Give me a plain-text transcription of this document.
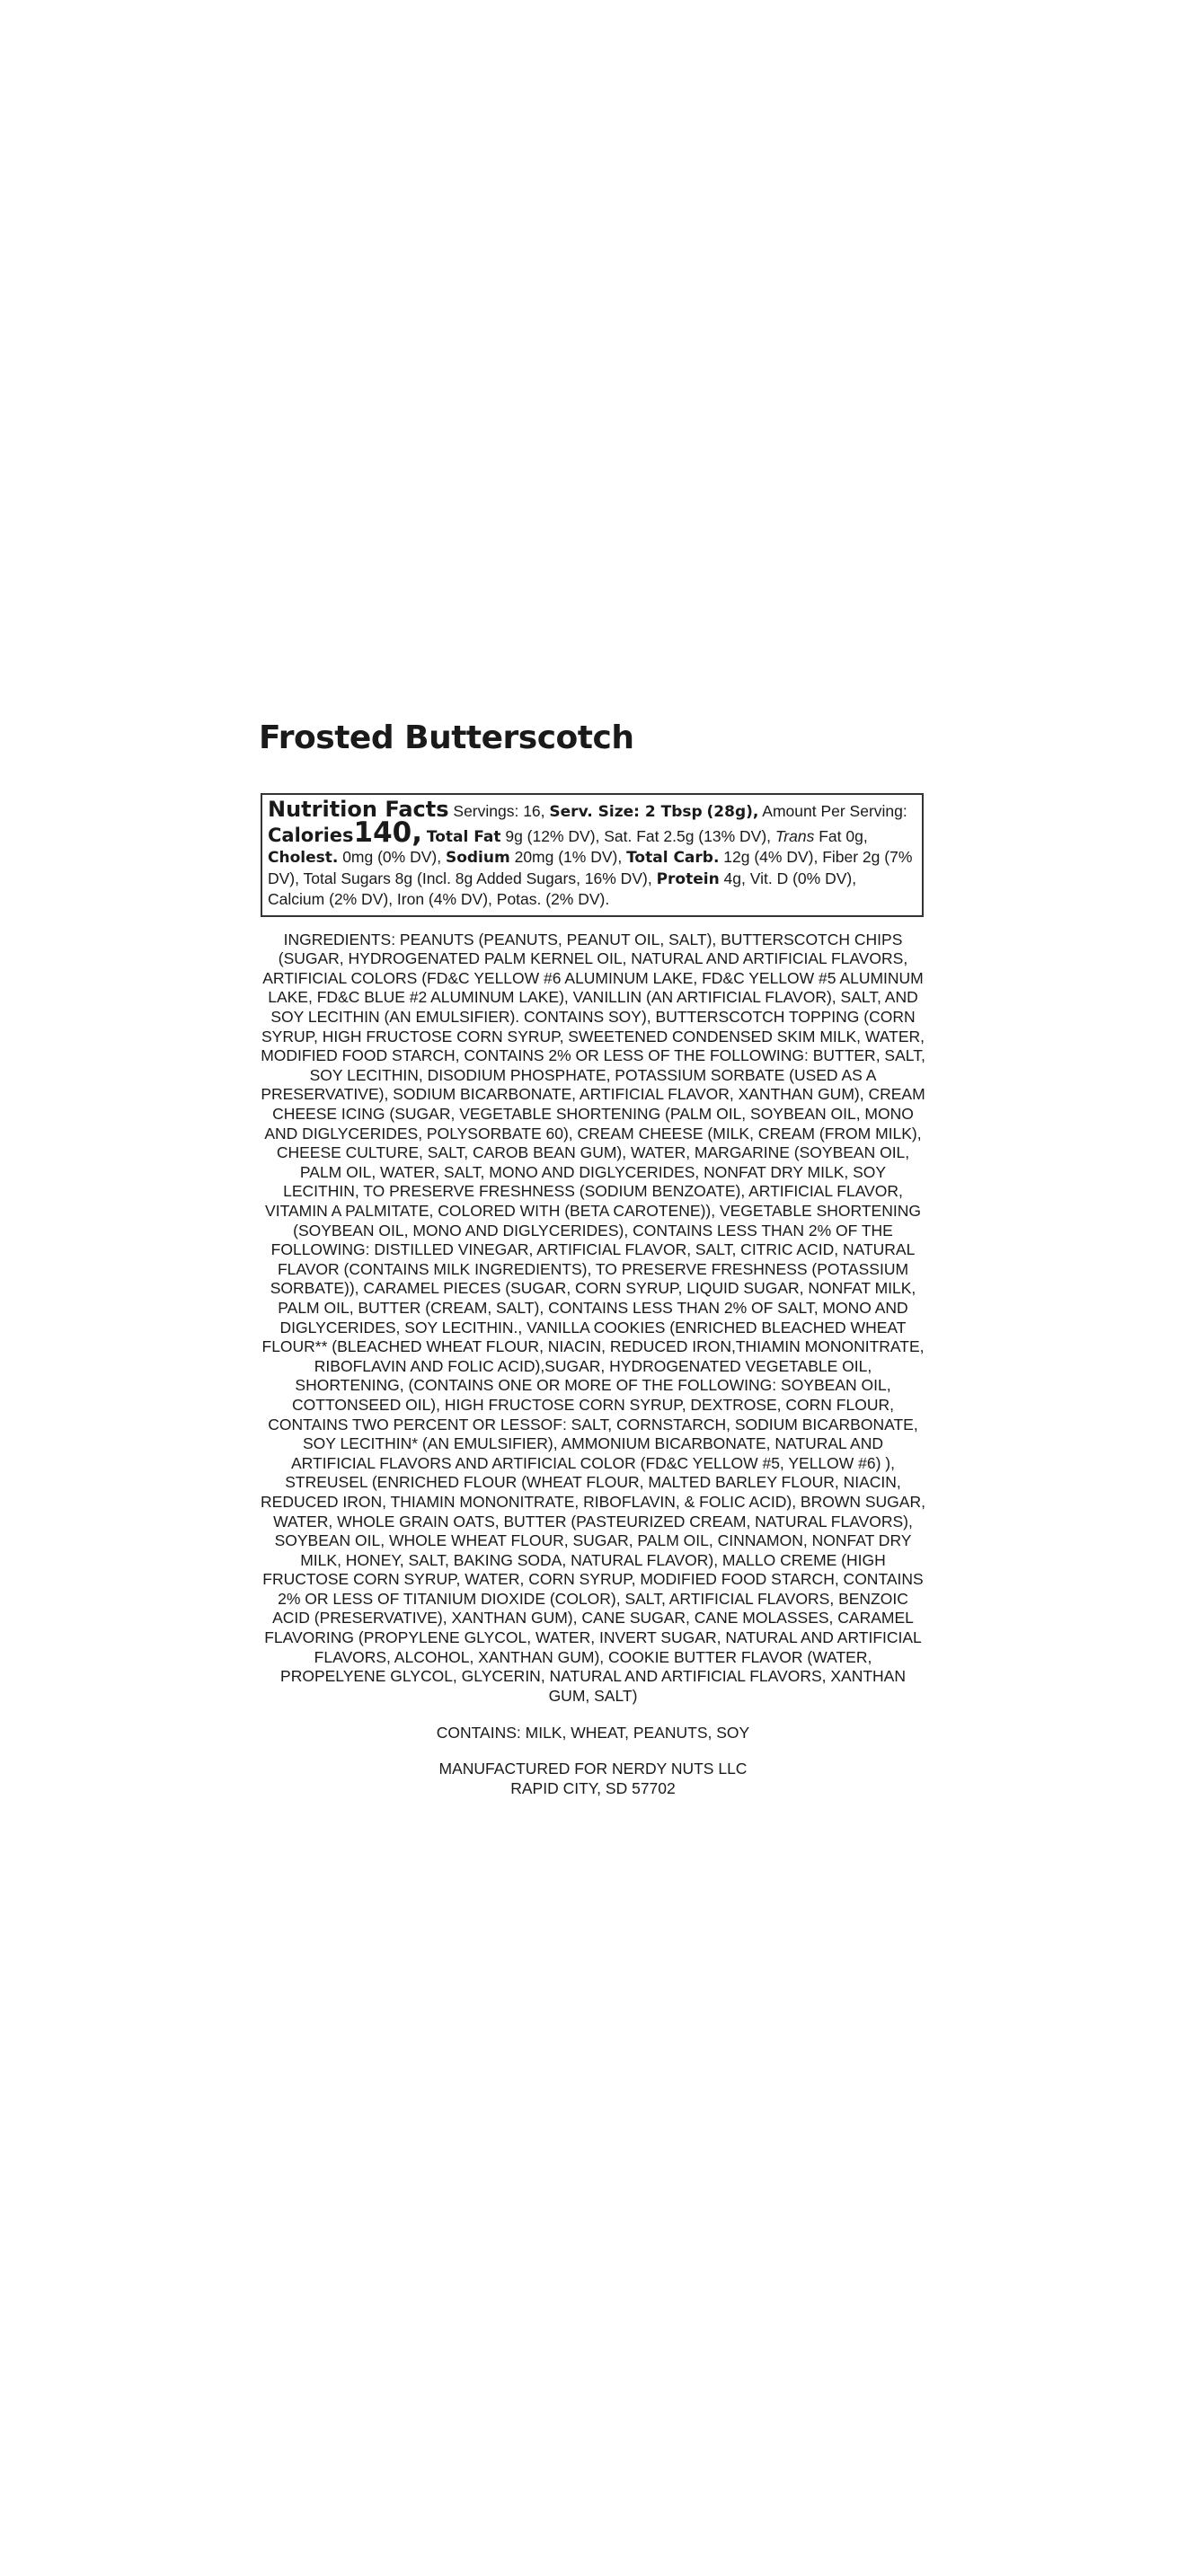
Frosted Butterscotch
Nutrition Facts Servings: 16, Serv. Size: 2 Tbsp (28g), Amount Per Serving: Calories140, Total Fat 9g (12% DV), Sat. Fat 2.5g (13% DV), Trans Fat 0g, Cholest. 0mg (0% DV), Sodium 20mg (1% DV), Total Carb. 12g (4% DV), Fiber 2g (7% DV), Total Sugars 8g (Incl. 8g Added Sugars, 16% DV), Protein 4g, Vit. D (0% DV), Calcium (2% DV), Iron (4% DV), Potas. (2% DV).
INGREDIENTS: PEANUTS (PEANUTS, PEANUT OIL, SALT), BUTTERSCOTCH CHIPS (SUGAR, HYDROGENATED PALM KERNEL OIL, NATURAL AND ARTIFICIAL FLAVORS, ARTIFICIAL COLORS (FD&C YELLOW #6 ALUMINUM LAKE, FD&C YELLOW #5 ALUMINUM LAKE, FD&C BLUE #2 ALUMINUM LAKE), VANILLIN (AN ARTIFICIAL FLAVOR), SALT, AND SOY LECITHIN (AN EMULSIFIER). CONTAINS SOY), BUTTERSCOTCH TOPPING (CORN SYRUP, HIGH FRUCTOSE CORN SYRUP, SWEETENED CONDENSED SKIM MILK, WATER, MODIFIED FOOD STARCH, CONTAINS 2% OR LESS OF THE FOLLOWING: BUTTER, SALT, SOY LECITHIN, DISODIUM PHOSPHATE, POTASSIUM SORBATE (USED AS A PRESERVATIVE), SODIUM BICARBONATE, ARTIFICIAL FLAVOR, XANTHAN GUM), CREAM CHEESE ICING (SUGAR, VEGETABLE SHORTENING (PALM OIL, SOYBEAN OIL, MONO AND DIGLYCERIDES, POLYSORBATE 60), CREAM CHEESE (MILK, CREAM (FROM MILK), CHEESE CULTURE, SALT, CAROB BEAN GUM), WATER, MARGARINE (SOYBEAN OIL, PALM OIL, WATER, SALT, MONO AND DIGLYCERIDES, NONFAT DRY MILK, SOY LECITHIN, TO PRESERVE FRESHNESS (SODIUM BENZOATE), ARTIFICIAL FLAVOR, VITAMIN A PALMITATE, COLORED WITH (BETA CAROTENE)), VEGETABLE SHORTENING (SOYBEAN OIL, MONO AND DIGLYCERIDES), CONTAINS LESS THAN 2% OF THE FOLLOWING: DISTILLED VINEGAR, ARTIFICIAL FLAVOR, SALT, CITRIC ACID, NATURAL FLAVOR (CONTAINS MILK INGREDIENTS), TO PRESERVE FRESHNESS (POTASSIUM SORBATE)), CARAMEL PIECES (SUGAR, CORN SYRUP, LIQUID SUGAR, NONFAT MILK, PALM OIL, BUTTER (CREAM, SALT), CONTAINS LESS THAN 2% OF SALT, MONO AND DIGLYCERIDES, SOY LECITHIN., VANILLA COOKIES (ENRICHED BLEACHED WHEAT FLOUR** (BLEACHED WHEAT FLOUR, NIACIN, REDUCED IRON,THIAMIN MONONITRATE, RIBOFLAVIN AND FOLIC ACID),SUGAR, HYDROGENATED VEGETABLE OIL, SHORTENING, (CONTAINS ONE OR MORE OF THE FOLLOWING: SOYBEAN OIL, COTTONSEED OIL), HIGH FRUCTOSE CORN SYRUP, DEXTROSE, CORN FLOUR, CONTAINS TWO PERCENT OR LESSOF: SALT, CORNSTARCH, SODIUM BICARBONATE, SOY LECITHIN* (AN EMULSIFIER), AMMONIUM BICARBONATE, NATURAL AND ARTIFICIAL FLAVORS AND ARTIFICIAL COLOR (FD&C YELLOW #5, YELLOW #6) ), STREUSEL (ENRICHED FLOUR (WHEAT FLOUR, MALTED BARLEY FLOUR, NIACIN, REDUCED IRON, THIAMIN MONONITRATE, RIBOFLAVIN, & FOLIC ACID), BROWN SUGAR, WATER, WHOLE GRAIN OATS, BUTTER (PASTEURIZED CREAM, NATURAL FLAVORS), SOYBEAN OIL, WHOLE WHEAT FLOUR, SUGAR, PALM OIL, CINNAMON, NONFAT DRY MILK, HONEY, SALT, BAKING SODA, NATURAL FLAVOR), MALLO CREME (HIGH FRUCTOSE CORN SYRUP, WATER, CORN SYRUP, MODIFIED FOOD STARCH, CONTAINS 2% OR LESS OF TITANIUM DIOXIDE (COLOR), SALT, ARTIFICIAL FLAVORS, BENZOIC ACID (PRESERVATIVE), XANTHAN GUM), CANE SUGAR, CANE MOLASSES, CARAMEL FLAVORING (PROPYLENE GLYCOL, WATER, INVERT SUGAR, NATURAL AND ARTIFICIAL FLAVORS, ALCOHOL, XANTHAN GUM), COOKIE BUTTER FLAVOR (WATER, PROPELYENE GLYCOL, GLYCERIN, NATURAL AND ARTIFICIAL FLAVORS, XANTHAN GUM, SALT)
CONTAINS: MILK, WHEAT, PEANUTS, SOY
MANUFACTURED FOR NERDY NUTS LLC
RAPID CITY, SD 57702
